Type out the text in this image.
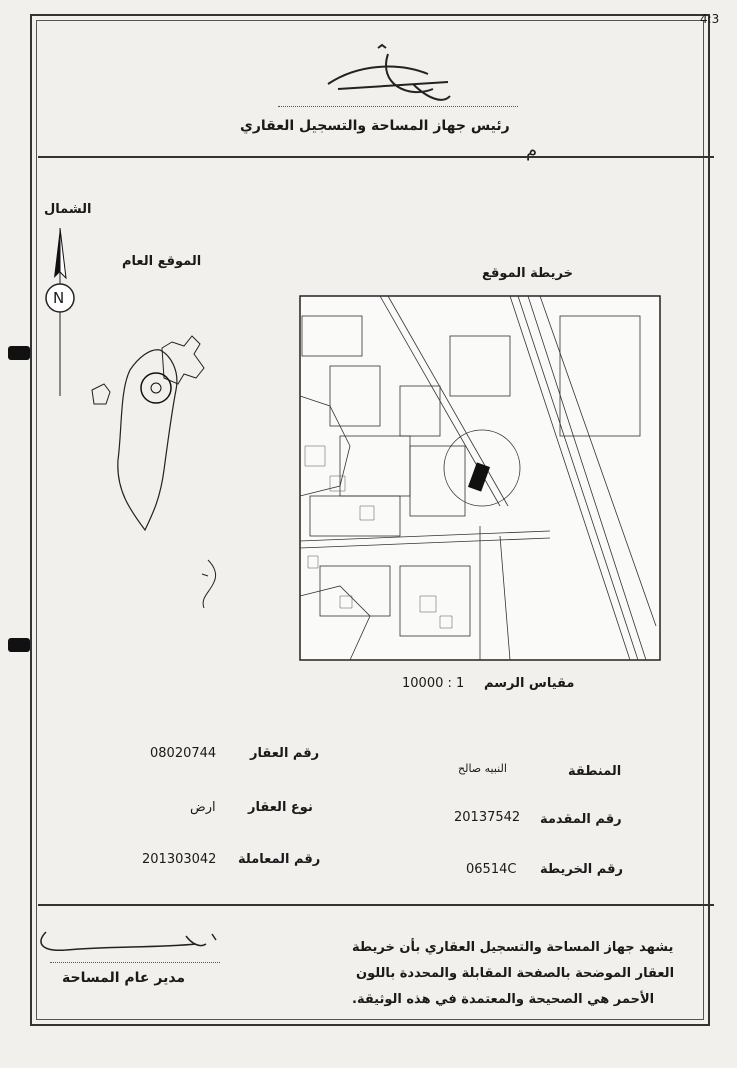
4:3
رئيس جهاز المساحة والتسجيل العقاري
م
الشمال
N
الموقع العام
خريطة الموقع
1 : 10000 مقياس الرسم
08020744	رقم العقار
النبيه صالح	المنطقة
ارض نوع العقار
20137542 رقم المقدمة
201303042 رقم المعاملة
06514C رقم الخريطة
مدير عام المساحة
يشهد جهاز المساحة والتسجيل العقاري بأن خريطة
العقار الموضحة بالصفحة المقابلة والمحددة باللون
الأحمر هي الصحيحة والمعتمدة في هذه الوثيقة.
